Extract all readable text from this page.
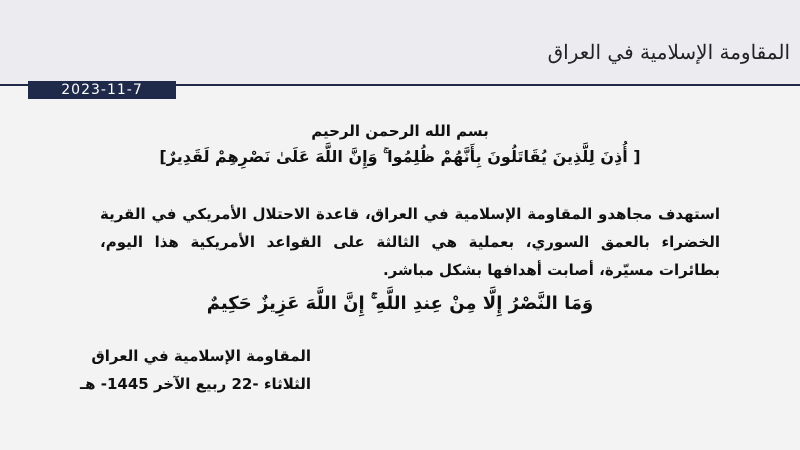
المقاومة الإسلامية في العراق
2023-11-7
بسم الله الرحمن الرحيم
[ أُذِنَ لِلَّذِينَ يُقَاتَلُونَ بِأَنَّهُمْ ظُلِمُوا ۚ وَإِنَّ اللَّهَ عَلَىٰ نَصْرِهِمْ لَقَدِيرٌ]
استهدف مجاهدو المقاومة الإسلامية في العراق، قاعدة الاحتلال الأمريكي في القرية الخضراء بالعمق السوري، بعملية هي الثالثة على القواعد الأمريكية هذا اليوم، بطائرات مسيّرة، أصابت أهدافها بشكل مباشر.
وَمَا النَّصْرُ إِلَّا مِنْ عِندِ اللَّهِ ۚ إِنَّ اللَّهَ عَزِيزٌ حَكِيمٌ
المقاومة الإسلامية في العراق
الثلاثاء -22 ربيع الآخر 1445- هـ
